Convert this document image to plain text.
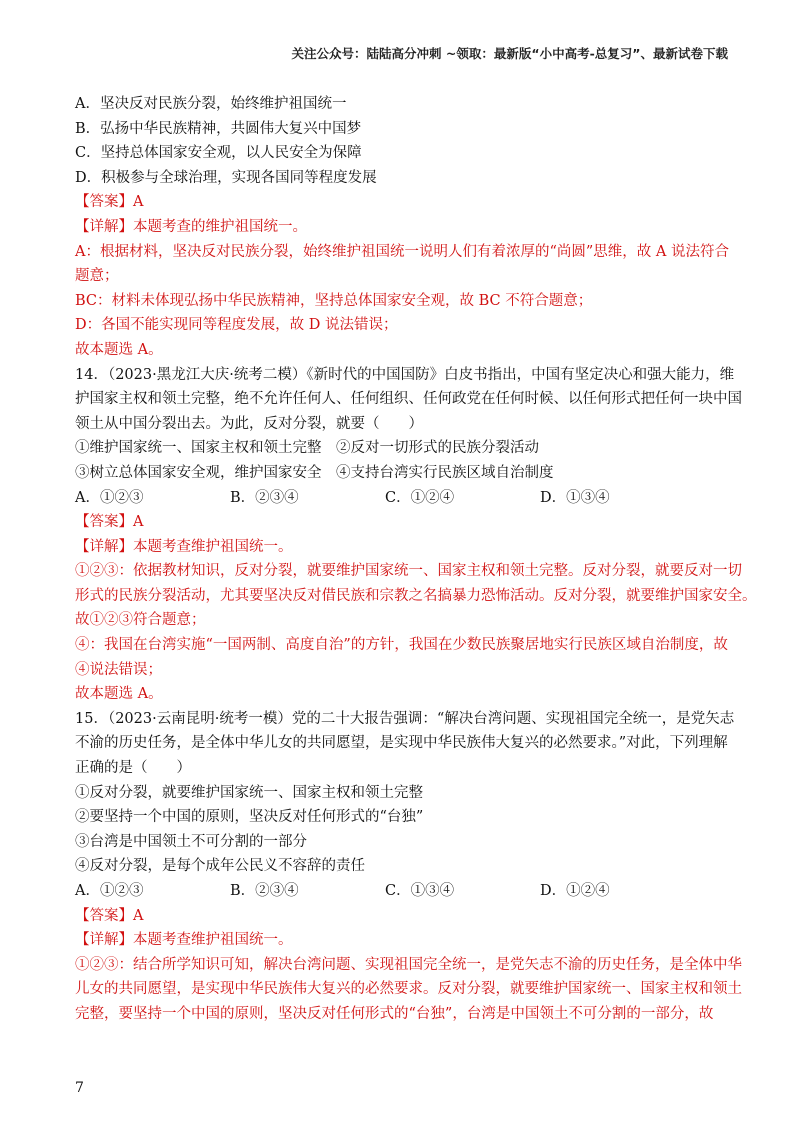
关注公众号：陆陆高分冲刺 ~领取：最新版“小中高考-总复习”、最新试卷下载
A．坚决反对民族分裂，始终维护祖国统一
B．弘扬中华民族精神，共圆伟大复兴中国梦
C．坚持总体国家安全观，以人民安全为保障
D．积极参与全球治理，实现各国同等程度发展
【答案】A
【详解】本题考查的维护祖国统一。
A：根据材料，坚决反对民族分裂，始终维护祖国统一说明人们有着浓厚的“尚圆”思维，故 A 说法符合
题意；
BC：材料未体现弘扬中华民族精神，坚持总体国家安全观，故 BC 不符合题意；
D：各国不能实现同等程度发展，故 D 说法错误；
故本题选 A。
14．（2023·黑龙江大庆·统考二模）《新时代的中国国防》白皮书指出，中国有坚定决心和强大能力，维
护国家主权和领土完整，绝不允许任何人、任何组织、任何政党在任何时候、以任何形式把任何一块中国
领土从中国分裂出去。为此，反对分裂，就要（　　）
①维护国家统一、国家主权和领土完整　②反对一切形式的民族分裂活动
③树立总体国家安全观，维护国家安全　④支持台湾实行民族区域自治制度
A．①②③	B．②③④	C．①②④	D．①③④
【答案】A
【详解】本题考查维护祖国统一。
①②③：依据教材知识，反对分裂，就要维护国家统一、国家主权和领土完整。反对分裂，就要反对一切
形式的民族分裂活动，尤其要坚决反对借民族和宗教之名搞暴力恐怖活动。反对分裂，就要维护国家安全。
故①②③符合题意；
④：我国在台湾实施“一国两制、高度自治”的方针，我国在少数民族聚居地实行民族区域自治制度，故
④说法错误；
故本题选 A。
15．（2023·云南昆明·统考一模）党的二十大报告强调：“解决台湾问题、实现祖国完全统一，是党矢志
不渝的历史任务，是全体中华儿女的共同愿望，是实现中华民族伟大复兴的必然要求。”对此，下列理解
正确的是（　　）
①反对分裂，就要维护国家统一、国家主权和领土完整
②要坚持一个中国的原则，坚决反对任何形式的“台独”
③台湾是中国领土不可分割的一部分
④反对分裂，是每个成年公民义不容辞的责任
A．①②③	B．②③④	C．①③④	D．①②④
【答案】A
【详解】本题考查维护祖国统一。
①②③：结合所学知识可知，解决台湾问题、实现祖国完全统一，是党矢志不渝的历史任务，是全体中华
儿女的共同愿望，是实现中华民族伟大复兴的必然要求。反对分裂，就要维护国家统一、国家主权和领土
完整，要坚持一个中国的原则，坚决反对任何形式的“台独”，台湾是中国领土不可分割的一部分，故
7
